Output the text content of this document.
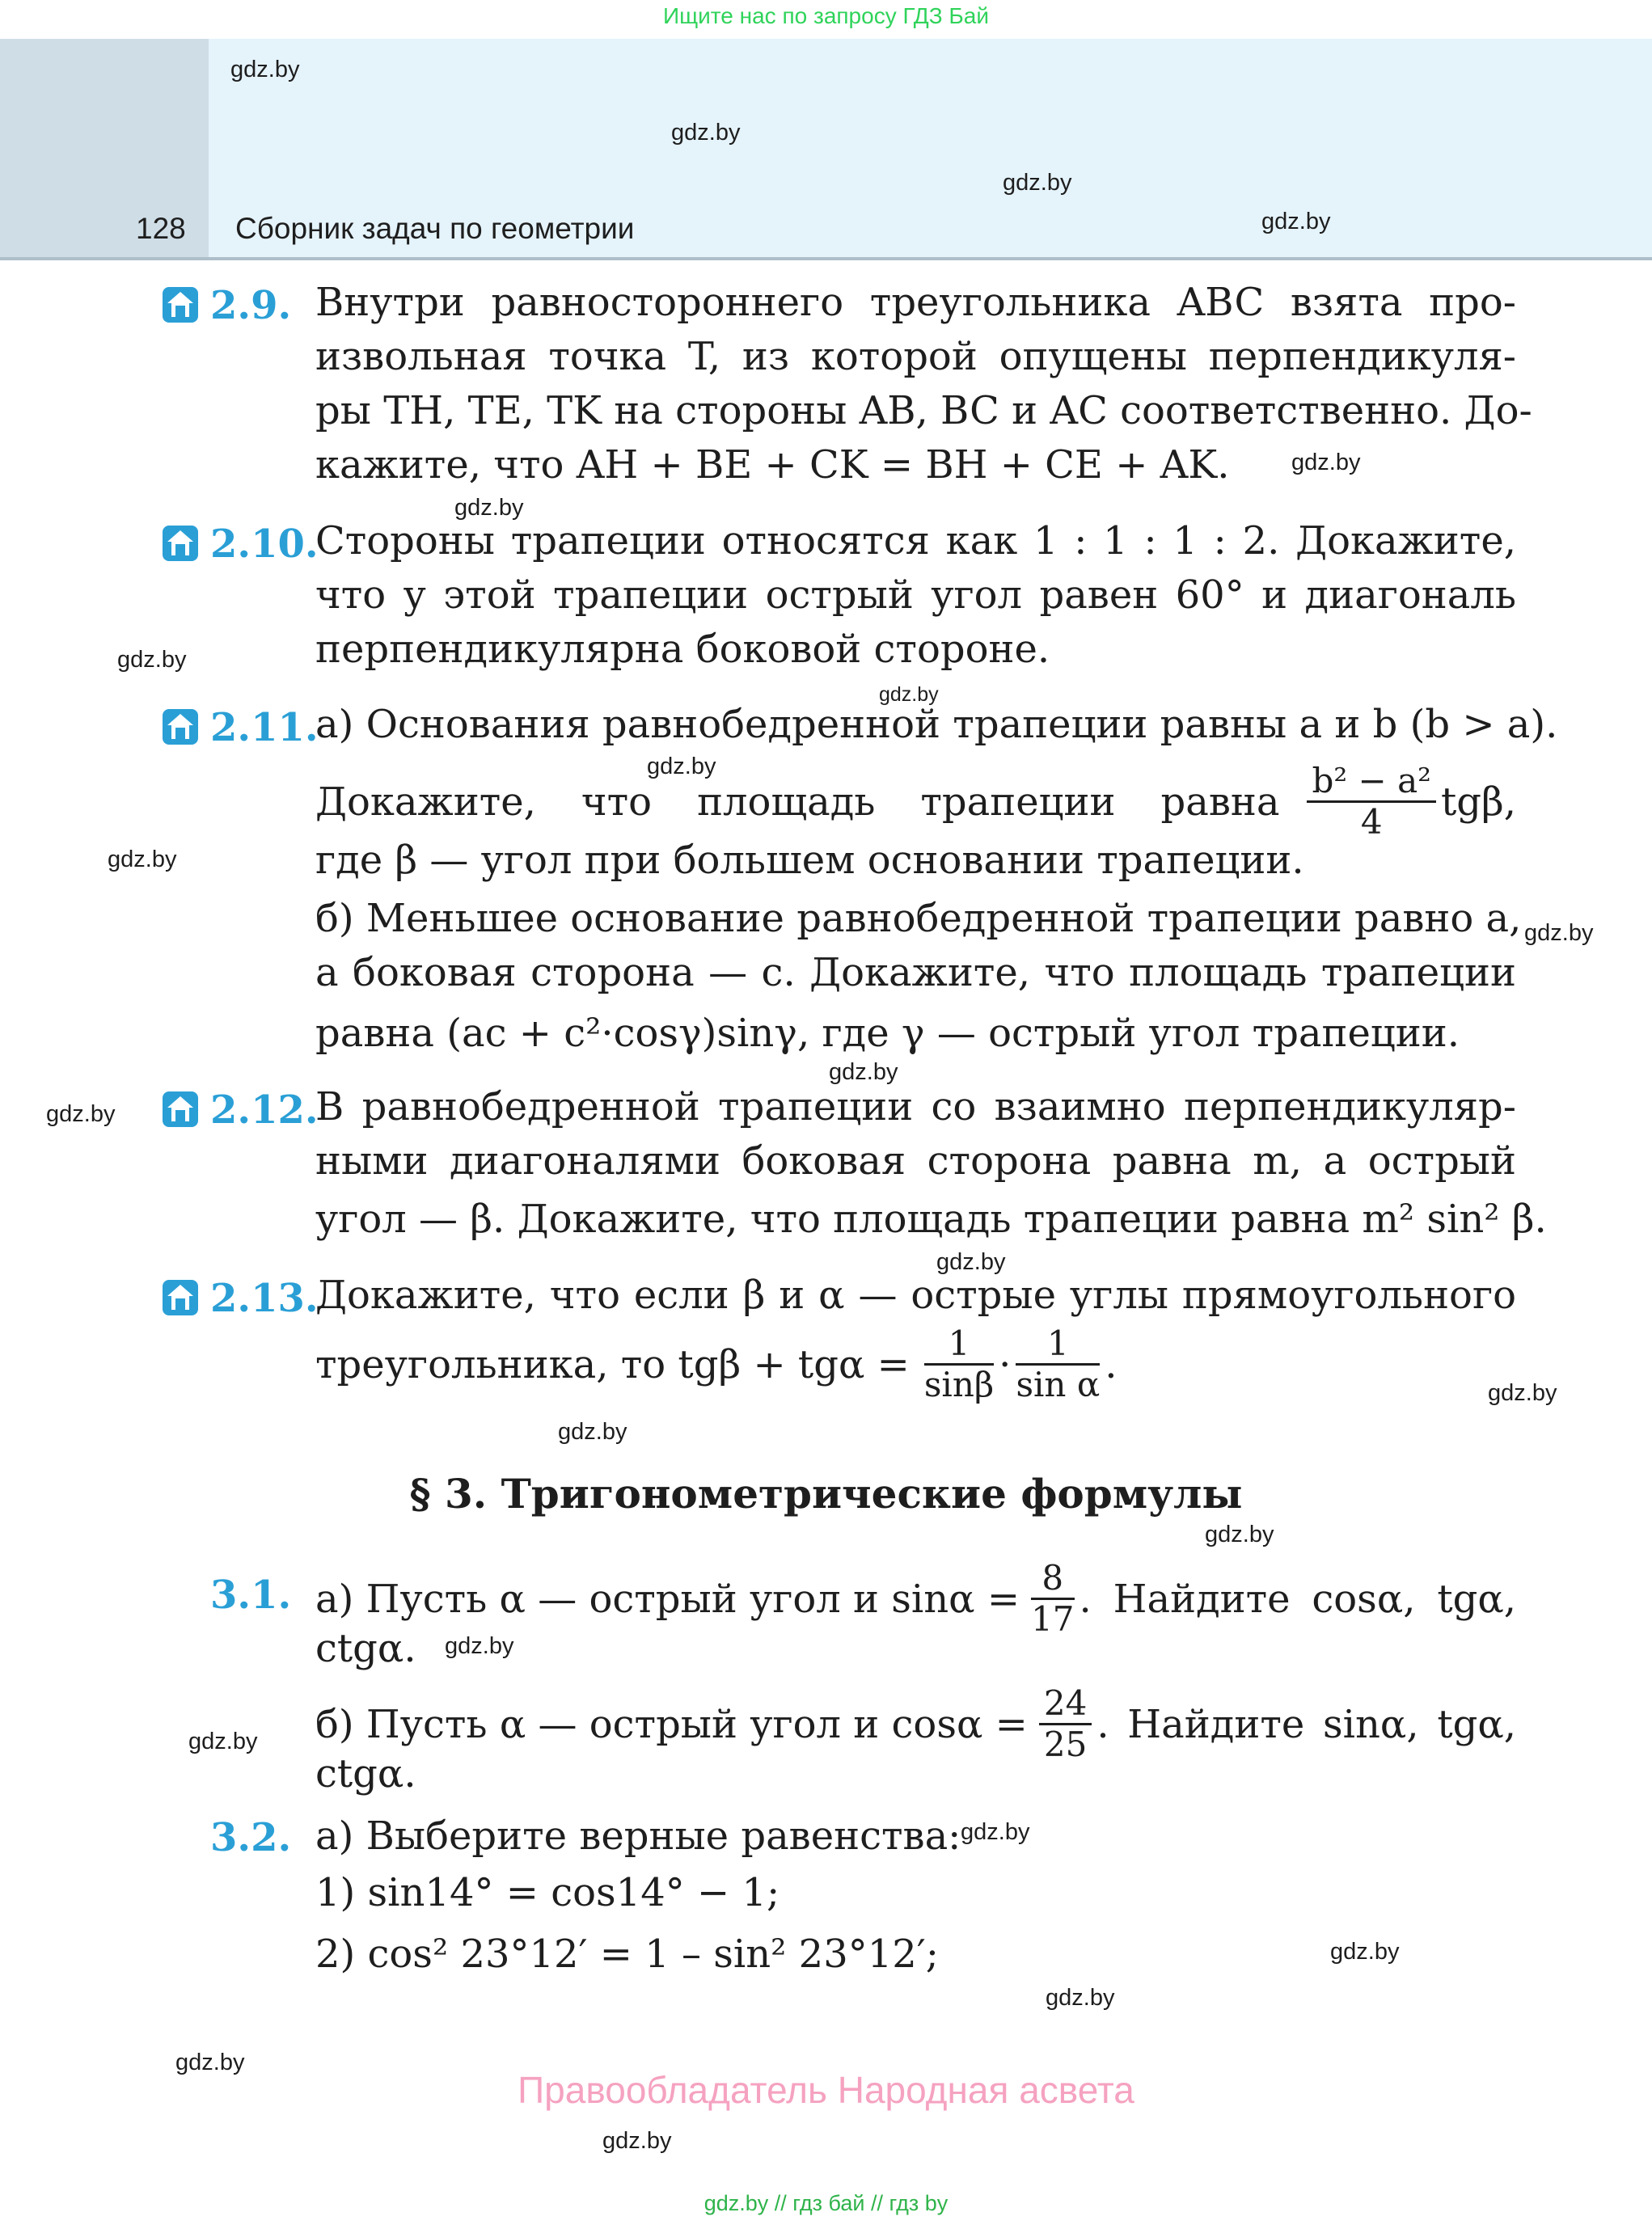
Ищите нас по запросу ГДЗ Бай
128 Сборник задач по геометрии
gdz.by
gdz.by
gdz.by
gdz.by
gdz.by
gdz.by
gdz.by
gdz.by
gdz.by
gdz.by
gdz.by
gdz.by
gdz.by
gdz.by
gdz.by
gdz.by
gdz.by
gdz.by
gdz.by
gdz.by
gdz.by
gdz.by
gdz.by
gdz.by
2.9. Внутри равностороннего треугольника ABC взята про-
извольная точка T, из которой опущены перпендикуля-
ры TH, TE, TK на стороны AB, BC и AC соответственно. До-
кажите, что AH + BE + CK = BH + CE + AK.
2.10.
Стороны трапеции относятся как 1 : 1 : 1 : 2. Докажите,
что у этой трапеции острый угол равен 60° и диагональ
перпендикулярна боковой стороне.
2.11.
а) Основания равнобедренной трапеции равны a и b (b > a).
Докажите, что площадь трапеции равна $\frac{\text{b² − a²}}{4} tg\beta$,
где β — угол при большем основании трапеции.
б) Меньшее основание равнобедренной трапеции равно a,
а боковая сторона — c. Докажите, что площадь трапеции
равна (ac + c²·cosγ)sinγ, где γ — острый угол трапеции.
2.12.
В равнобедренной трапеции со взаимно перпендикуляр-
ными диагоналями боковая сторона равна m, а острый
угол — β. Докажите, что площадь трапеции равна m² sin² β.
2.13.
Докажите, что если β и α — острые углы прямоугольного
треугольника, то $tg\beta + tg\alpha = \frac{1}{\sin\beta} \cdot \frac{1}{\text{sin α}}$ .
§ 3. Тригонометрические формулы
3.1. а) Пусть α — острый угол и $\sin\alpha = \frac{8}{17}$ . Найдите cosα, tgα,
ctgα.
б) Пусть α — острый угол и $\cos\alpha = \frac{24}{25}$ . Найдите sinα, tgα,
ctgα.
3.2. а) Выберите верные равенства:
1) sin14° = cos14° − 1;
2) cos² 23°12′ = 1 – sin² 23°12′;
Правообладатель Народная асвета
gdz.by // гдз бай // гдз by
